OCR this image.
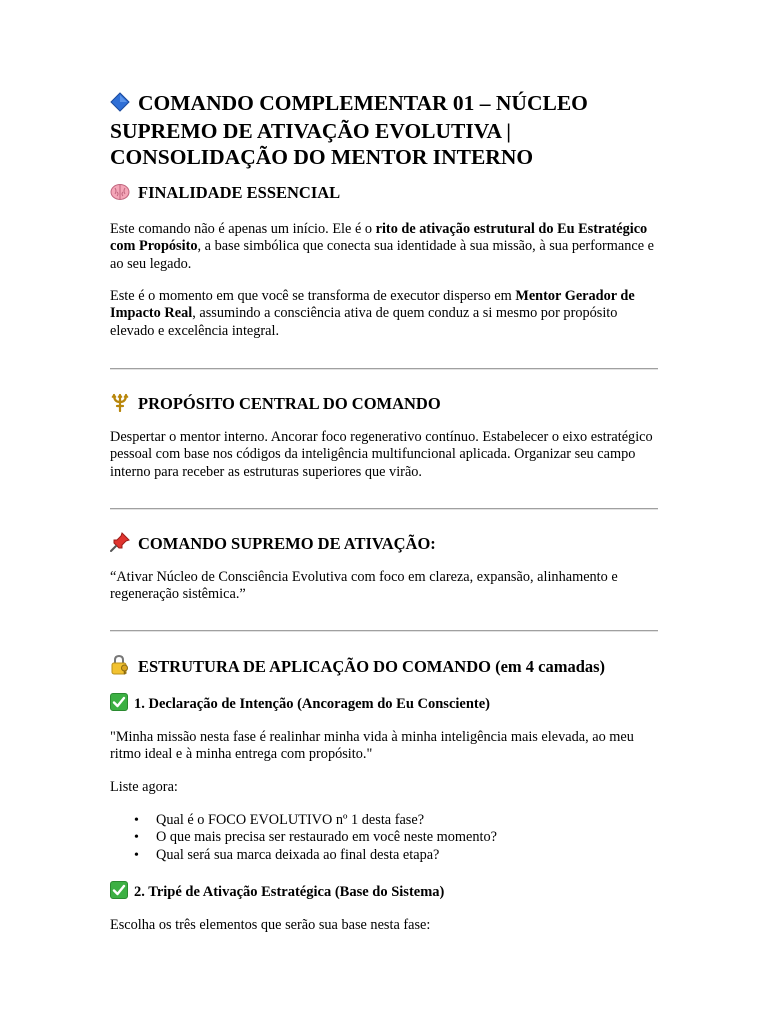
COMANDO COMPLEMENTAR 01 – NÚCLEO
SUPREMO DE ATIVAÇÃO EVOLUTIVA |
CONSOLIDAÇÃO DO MENTOR INTERNO
FINALIDADE ESSENCIAL

Este comando não é apenas um início. Ele é o rito de ativação estrutural do Eu Estratégico com Propósito, a base simbólica que conecta sua identidade à sua missão, à sua performance e ao seu legado.

Este é o momento em que você se transforma de executor disperso em Mentor Gerador de Impacto Real, assumindo a consciência ativa de quem conduz a si mesmo por propósito elevado e excelência integral.

PROPÓSITO CENTRAL DO COMANDO

Despertar o mentor interno. Ancorar foco regenerativo contínuo. Estabelecer o eixo estratégico pessoal com base nos códigos da inteligência multifuncional aplicada. Organizar seu campo interno para receber as estruturas superiores que virão.

COMANDO SUPREMO DE ATIVAÇÃO:

“Ativar Núcleo de Consciência Evolutiva com foco em clareza, expansão, alinhamento e regeneração sistêmica.”

ESTRUTURA DE APLICAÇÃO DO COMANDO (em 4 camadas)
1. Declaração de Intenção (Ancoragem do Eu Consciente)

"Minha missão nesta fase é realinhar minha vida à minha inteligência mais elevada, ao meu ritmo ideal e à minha entrega com propósito."

Liste agora:

• Qual é o FOCO EVOLUTIVO nº 1 desta fase?
• O que mais precisa ser restaurado em você neste momento?
• Qual será sua marca deixada ao final desta etapa?
2. Tripé de Ativação Estratégica (Base do Sistema)

Escolha os três elementos que serão sua base nesta fase:
